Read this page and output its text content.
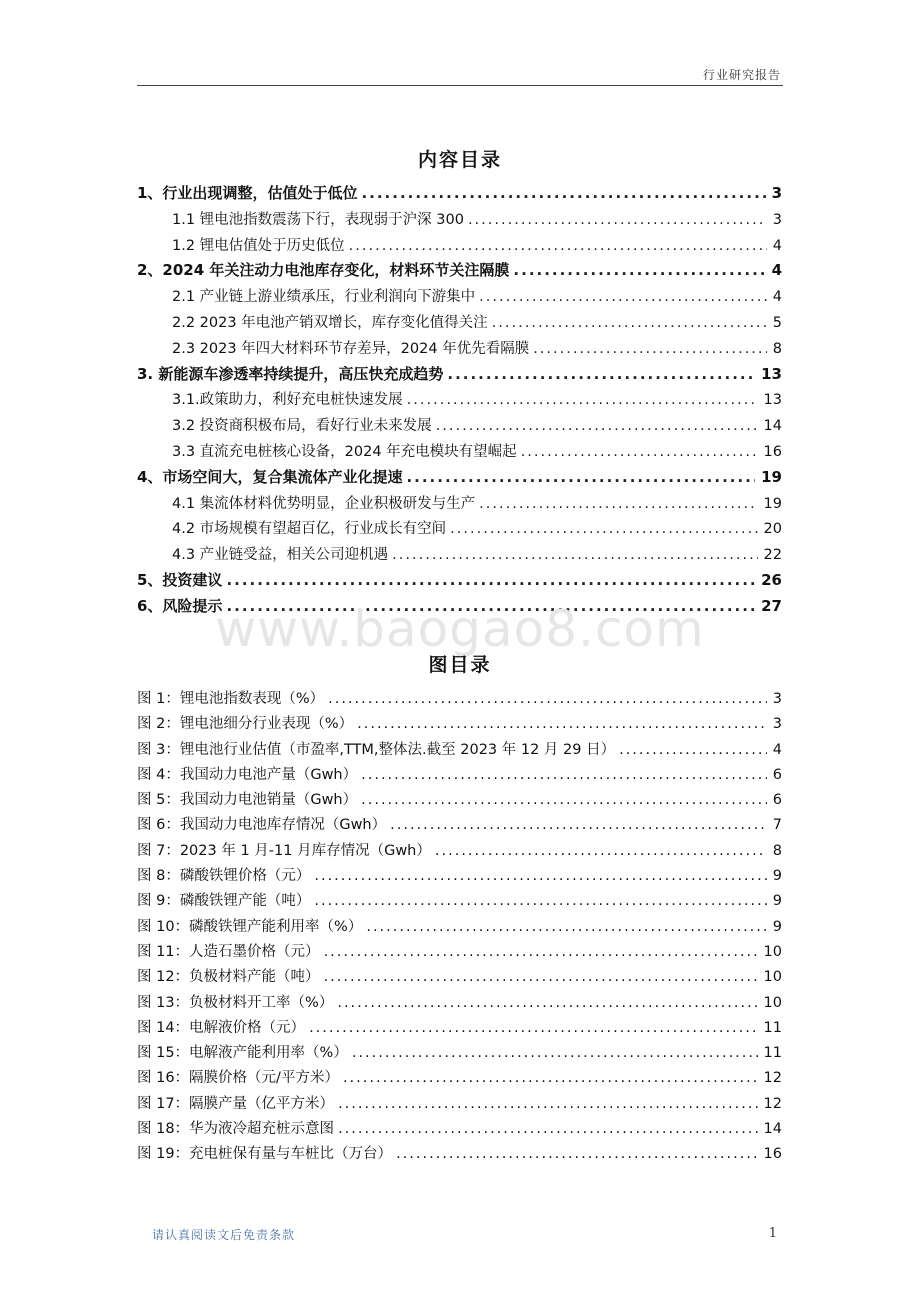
行业研究报告
内容目录
1、行业出现调整，估值处于低位 .....	3
1.1 锂电池指数震荡下行，表现弱于沪深 300 .....	3
1.2 锂电估值处于历史低位 .....	4
2、2024 年关注动力电池库存变化，材料环节关注隔膜 .....	4
2.1 产业链上游业绩承压，行业利润向下游集中 .....	4
2.2 2023 年电池产销双增长，库存变化值得关注 .....	5
2.3 2023 年四大材料环节存差异，2024 年优先看隔膜 .....	8
3. 新能源车渗透率持续提升，高压快充成趋势 .....	13
3.1.政策助力，利好充电桩快速发展 .....	13
3.2 投资商积极布局，看好行业未来发展 .....	14
3.3 直流充电桩核心设备，2024 年充电模块有望崛起 .....	16
4、市场空间大，复合集流体产业化提速 .....	19
4.1 集流体材料优势明显，企业积极研发与生产 .....	19
4.2 市场规模有望超百亿，行业成长有空间 .....	20
4.3 产业链受益，相关公司迎机遇 .....	22
5、投资建议 .....	26
6、风险提示 .....	27
www.baogao8.com
图目录
图 1：锂电池指数表现（%） .....	3
图 2：锂电池细分行业表现（%） .....	3
图 3：锂电池行业估值（市盈率,TTM,整体法.截至 2023 年 12 月 29 日） .....	4
图 4：我国动力电池产量（Gwh） .....	6
图 5：我国动力电池销量（Gwh） .....	6
图 6：我国动力电池库存情况（Gwh） .....	7
图 7：2023 年 1 月-11 月库存情况（Gwh） .....	8
图 8：磷酸铁锂价格（元） .....	9
图 9：磷酸铁锂产能（吨） .....	9
图 10：磷酸铁锂产能利用率（%） .....	9
图 11：人造石墨价格（元） .....	10
图 12：负极材料产能（吨） .....	10
图 13：负极材料开工率（%） .....	10
图 14：电解液价格（元） .....	11
图 15：电解液产能利用率（%） .....	11
图 16：隔膜价格（元/平方米） .....	12
图 17：隔膜产量（亿平方米） .....	12
图 18：华为液冷超充桩示意图 .....	14
图 19：充电桩保有量与车桩比（万台） .....	16
请认真阅读文后免责条款	1
